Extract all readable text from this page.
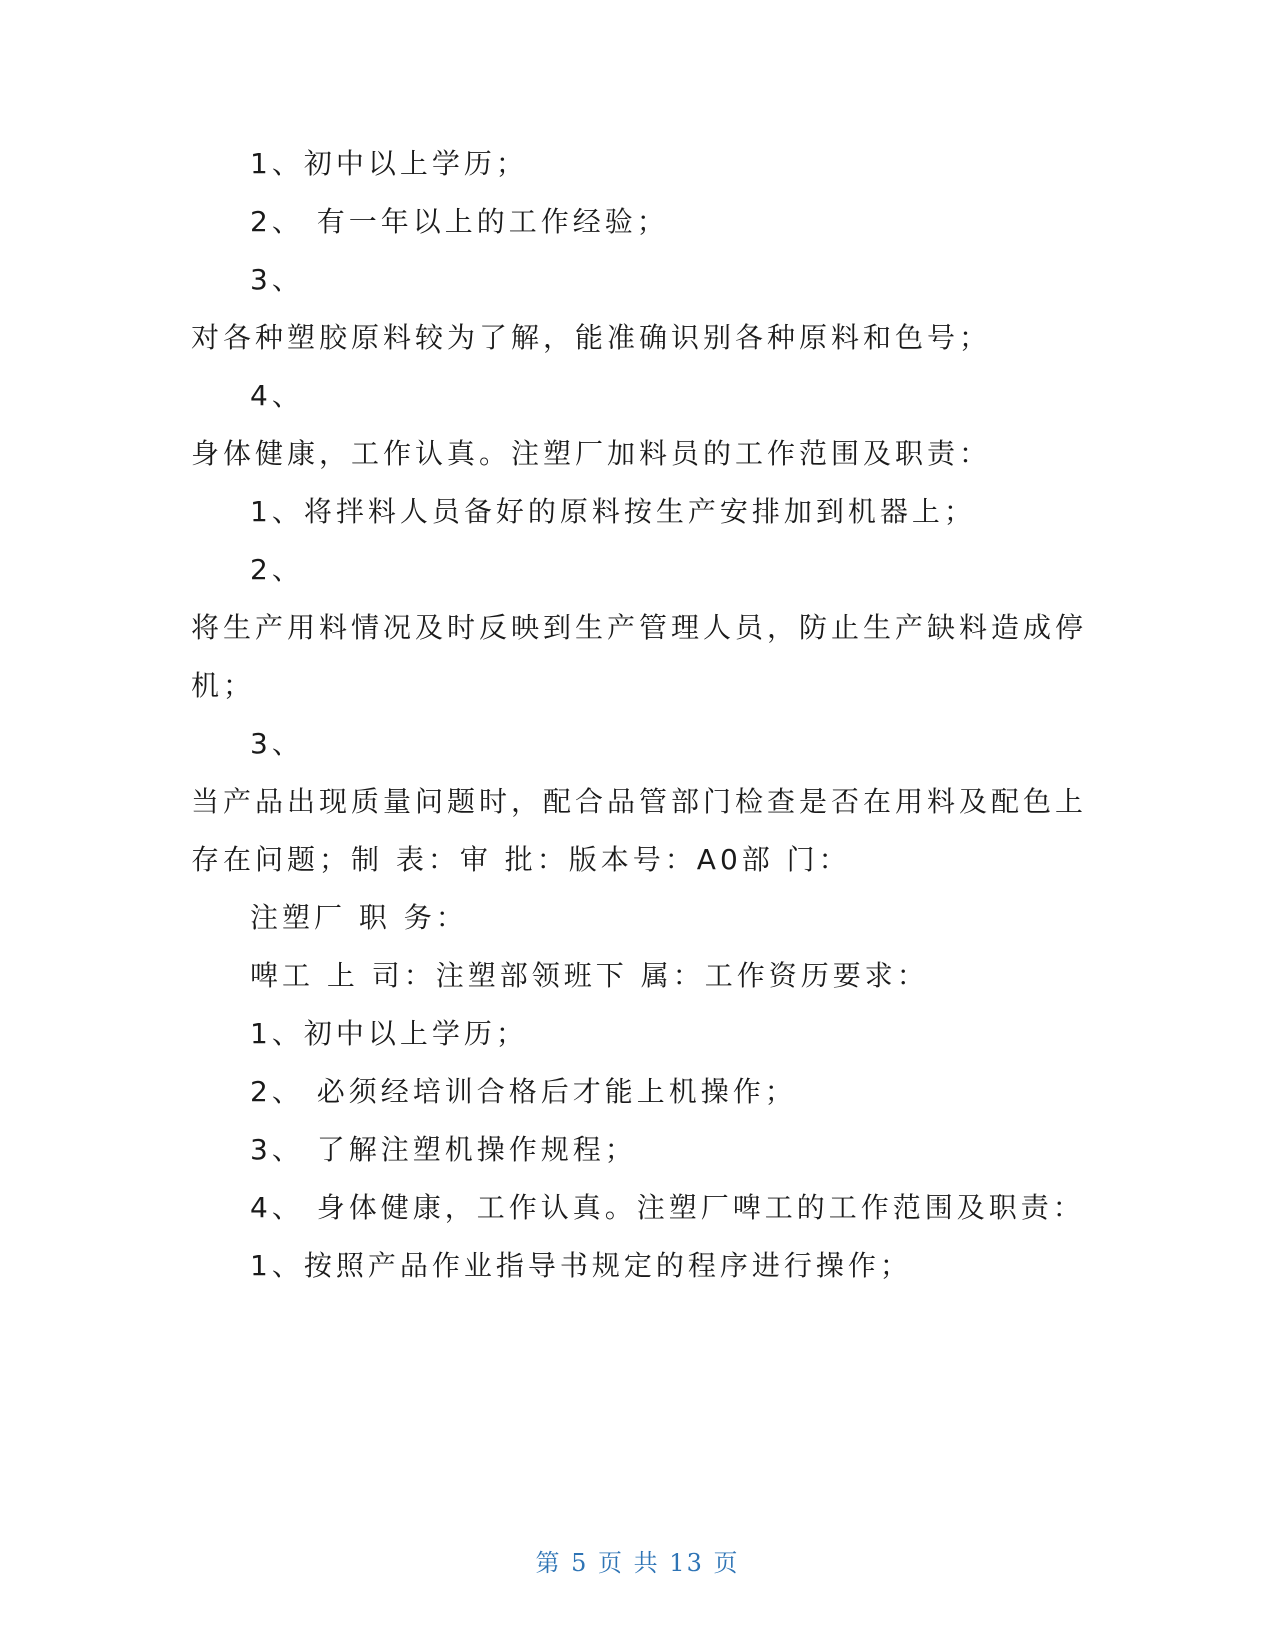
1、初中以上学历；
2、 有一年以上的工作经验；
3、
对各种塑胶原料较为了解，能准确识别各种原料和色号；
4、
身体健康，工作认真。注塑厂加料员的工作范围及职责：
1、将拌料人员备好的原料按生产安排加到机器上；
2、
将生产用料情况及时反映到生产管理人员，防止生产缺料造成停
机；
3、
当产品出现质量问题时，配合品管部门检查是否在用料及配色上
存在问题；制 表：审 批：版本号：A0部 门：
注塑厂 职 务：
啤工 上 司：注塑部领班下 属：工作资历要求：
1、初中以上学历；
2、 必须经培训合格后才能上机操作；
3、 了解注塑机操作规程；
4、 身体健康，工作认真。注塑厂啤工的工作范围及职责：
1、按照产品作业指导书规定的程序进行操作；
第 5 页 共 13 页
